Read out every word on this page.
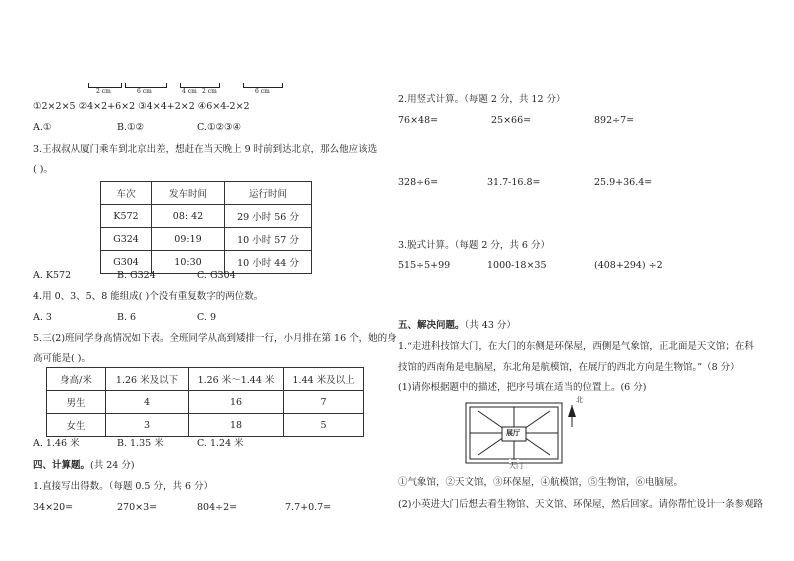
2 cm	6 cm	4 cm 2 cm	6 cm
①2×2×5 ②4×2+6×2 ③4×4+2×2 ④6×4-2×2
A.①	B.①②	C.①②③④
3.王叔叔从厦门乘车到北京出差，想赶在当天晚上 9 时前到达北京，那么他应该选
( )。
车次	发车时间	运行时间
K572	08: 42	29 小时 56 分
G324	09:19	10 小时 57 分
G304	10:30	10 小时 44 分
A. K572	B. G324	C. G304
4.用 0、3、5、8 能组成( )个没有重复数字的两位数。
A. 3	B. 6	C. 9
5.三(2)班同学身高情况如下表。全班同学从高到矮排一行，小月排在第 16 个，她的身
高可能是( )。
身高/米	1.26 米及以下	1.26 米～1.44 米	1.44 米及以上
男生	4	16	7
女生	3	18	5
A. 1.46 米	B. 1.35 米	C. 1.24 米
四、计算题。(共 24 分)
1.直接写出得数。（每题 0.5 分，共 6 分）
34×20=	270×3=	804÷2=	7.7+0.7=
2.用竖式计算。（每题 2 分，共 12 分）
76×48=	25×66=	892÷7=
328÷6=	31.7-16.8=	25.9+36.4=
3.脱式计算。（每题 2 分，共 6 分）
515÷5+99	1000-18×35	(408+294) ÷2
五、解决问题。（共 43 分）
1.“走进科技馆大门，在大门的东侧是环保屋，西侧是气象馆，正北面是天文馆；在科
技馆的西南角是电脑屋，东北角是航模馆，在展厅的西北方向是生物馆。”（8 分）
(1)请你根据题中的描述，把序号填在适当的位置上。(6 分)
北
展厅
大门
①气象馆，②天文馆，③环保屋，④航模馆，⑤生物馆，⑥电脑屋。
(2)小英进大门后想去看生物馆、天文馆、环保屋，然后回家。请你帮忙设计一条参观路
